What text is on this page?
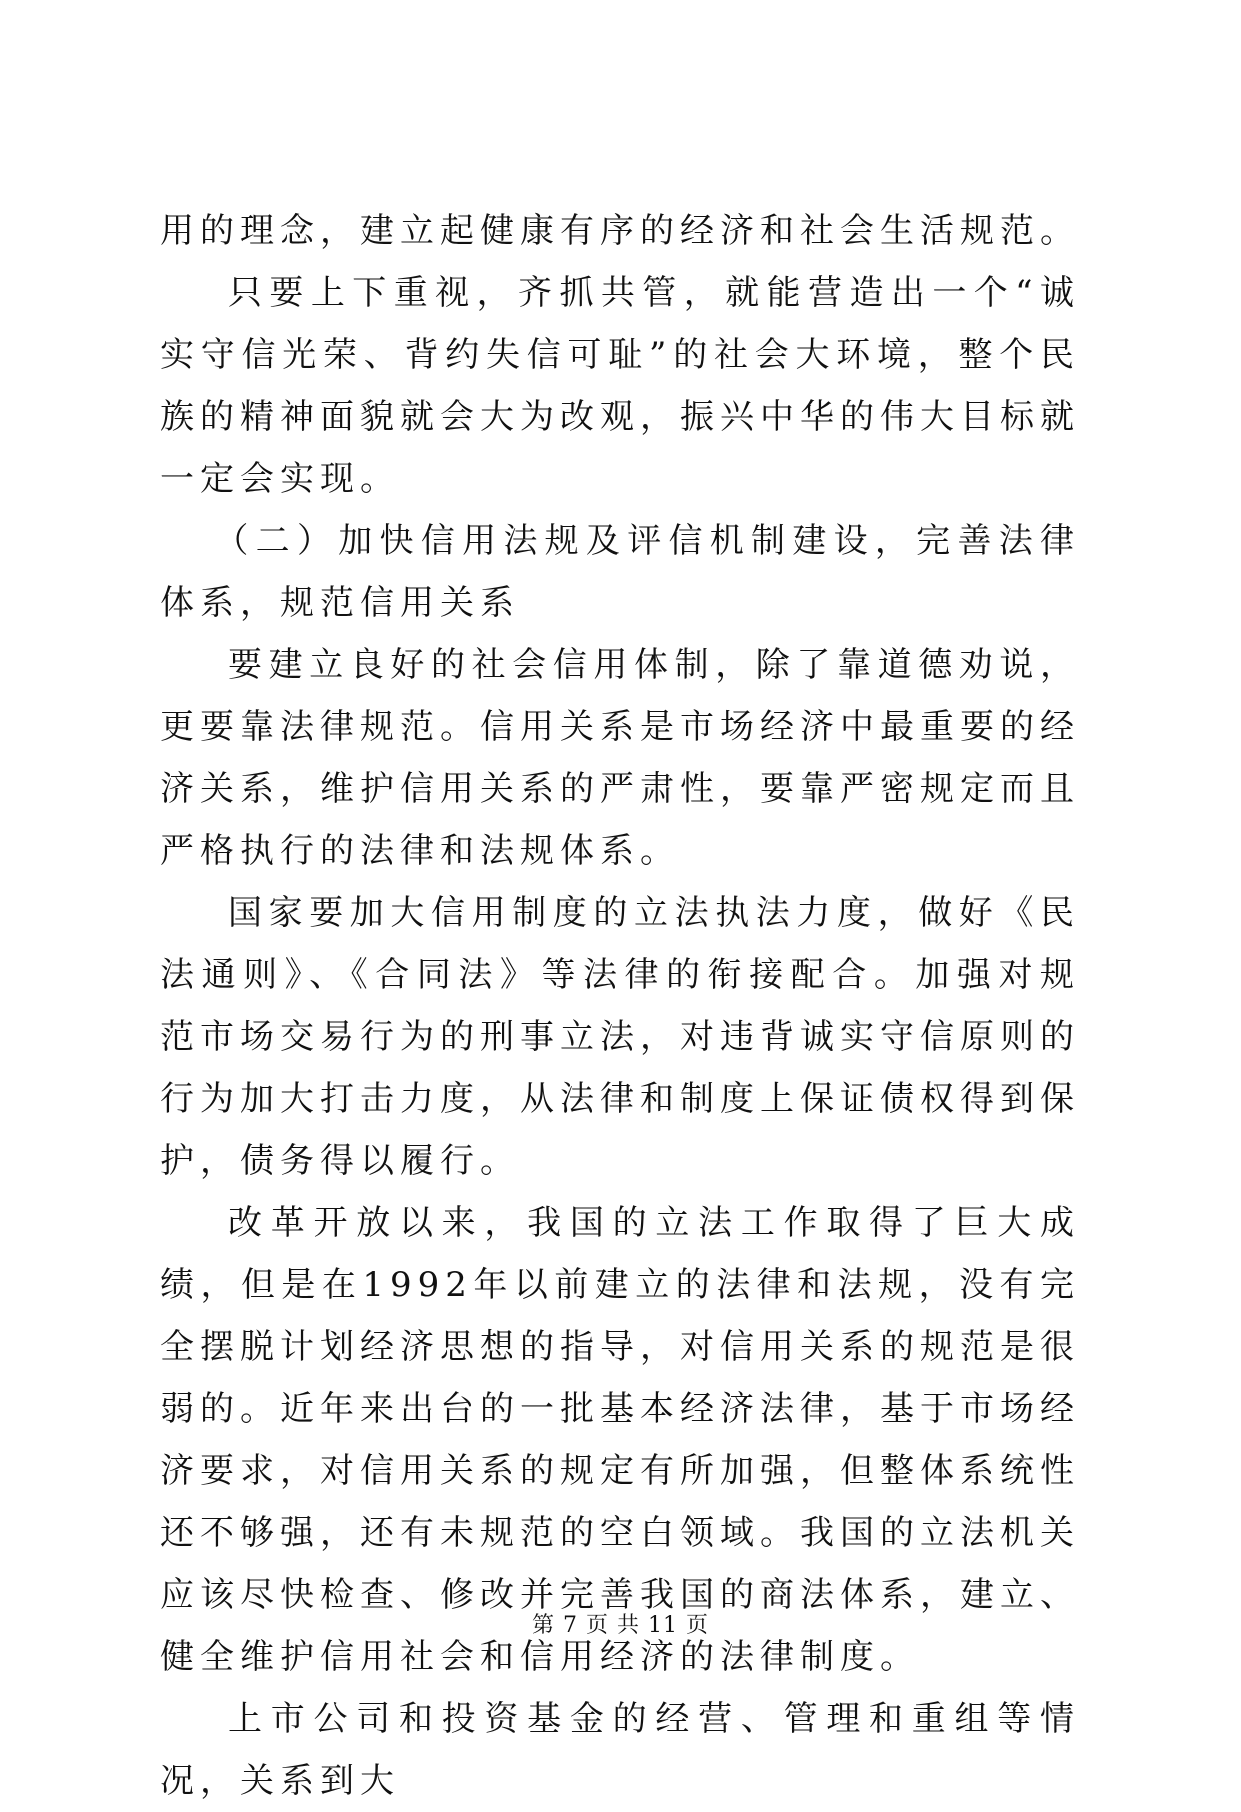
用的理念，建立起健康有序的经济和社会生活规范。

只要上下重视，齐抓共管，就能营造出一个“诚实守信光荣、背约失信可耻”的社会大环境，整个民族的精神面貌就会大为改观，振兴中华的伟大目标就一定会实现。

（二）加快信用法规及评信机制建设，完善法律体系，规范信用关系

要建立良好的社会信用体制，除了靠道德劝说，更要靠法律规范。信用关系是市场经济中最重要的经济关系，维护信用关系的严肃性，要靠严密规定而且严格执行的法律和法规体系。

国家要加大信用制度的立法执法力度，做好《民法通则》、《合同法》等法律的衔接配合。加强对规范市场交易行为的刑事立法，对违背诚实守信原则的行为加大打击力度，从法律和制度上保证债权得到保护，债务得以履行。

改革开放以来，我国的立法工作取得了巨大成绩，但是在1992年以前建立的法律和法规，没有完全摆脱计划经济思想的指导，对信用关系的规范是很弱的。近年来出台的一批基本经济法律，基于市场经济要求，对信用关系的规定有所加强，但整体系统性还不够强，还有未规范的空白领域。我国的立法机关应该尽快检查、修改并完善我国的商法体系，建立、健全维护信用社会和信用经济的法律制度。

上市公司和投资基金的经营、管理和重组等情况，关系到大

第 7 页 共 11 页
